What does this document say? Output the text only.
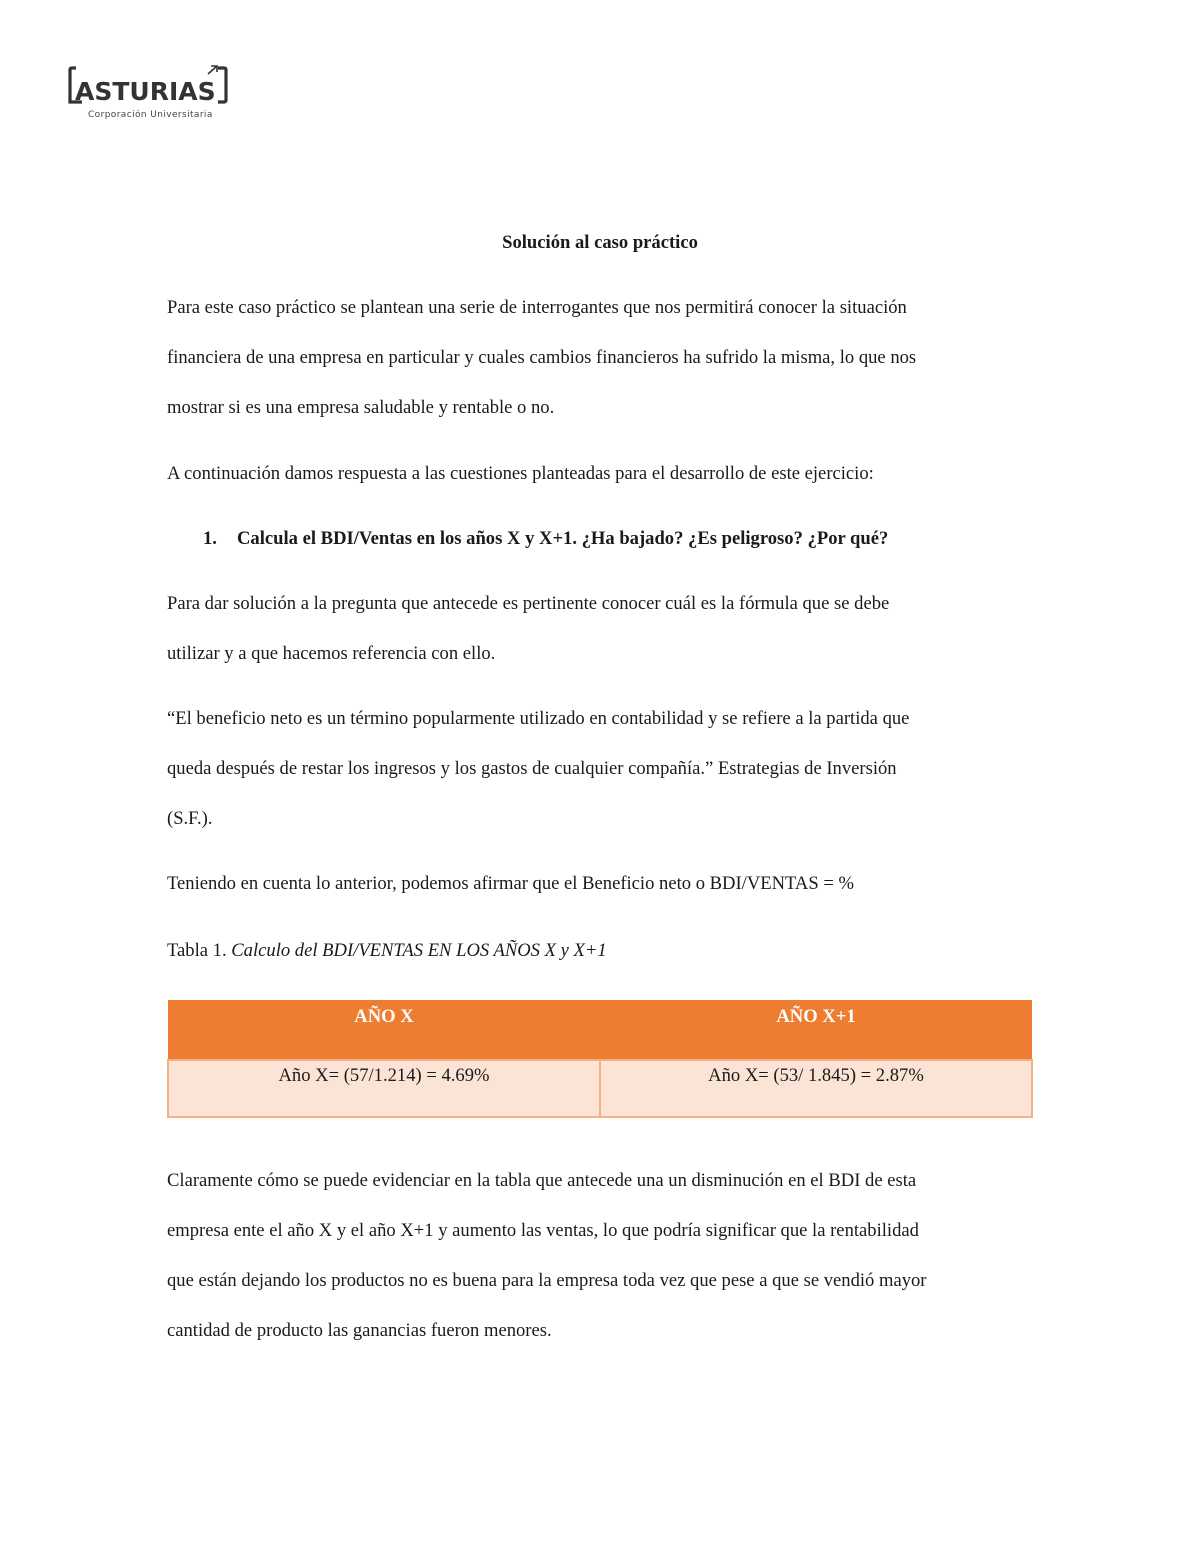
ASTURIAS
Corporación Universitaria
Solución al caso práctico
Para este caso práctico se plantean una serie de interrogantes que nos permitirá conocer la situación
financiera de una empresa en particular y cuales cambios financieros ha sufrido la misma, lo que nos
mostrar si es una empresa saludable y rentable o no.
A continuación damos respuesta a las cuestiones planteadas para el desarrollo de este ejercicio:
1. Calcula el BDI/Ventas en los años X y X+1. ¿Ha bajado? ¿Es peligroso? ¿Por qué?
Para dar solución a la pregunta que antecede es pertinente conocer cuál es la fórmula que se debe
utilizar y a que hacemos referencia con ello.
“El beneficio neto es un término popularmente utilizado en contabilidad y se refiere a la partida que
queda después de restar los ingresos y los gastos de cualquier compañía.” Estrategias de Inversión
(S.F.).
Teniendo en cuenta lo anterior, podemos afirmar que el Beneficio neto o BDI/VENTAS = %
Tabla 1. Calculo del BDI/VENTAS EN LOS AÑOS X y X+1
AÑO X	AÑO X+1
Año X= (57/1.214) = 4.69%	Año X= (53/ 1.845) = 2.87%
Claramente cómo se puede evidenciar en la tabla que antecede una un disminución en el BDI de esta
empresa ente el año X y el año X+1 y aumento las ventas, lo que podría significar que la rentabilidad
que están dejando los productos no es buena para la empresa toda vez que pese a que se vendió mayor
cantidad de producto las ganancias fueron menores.
